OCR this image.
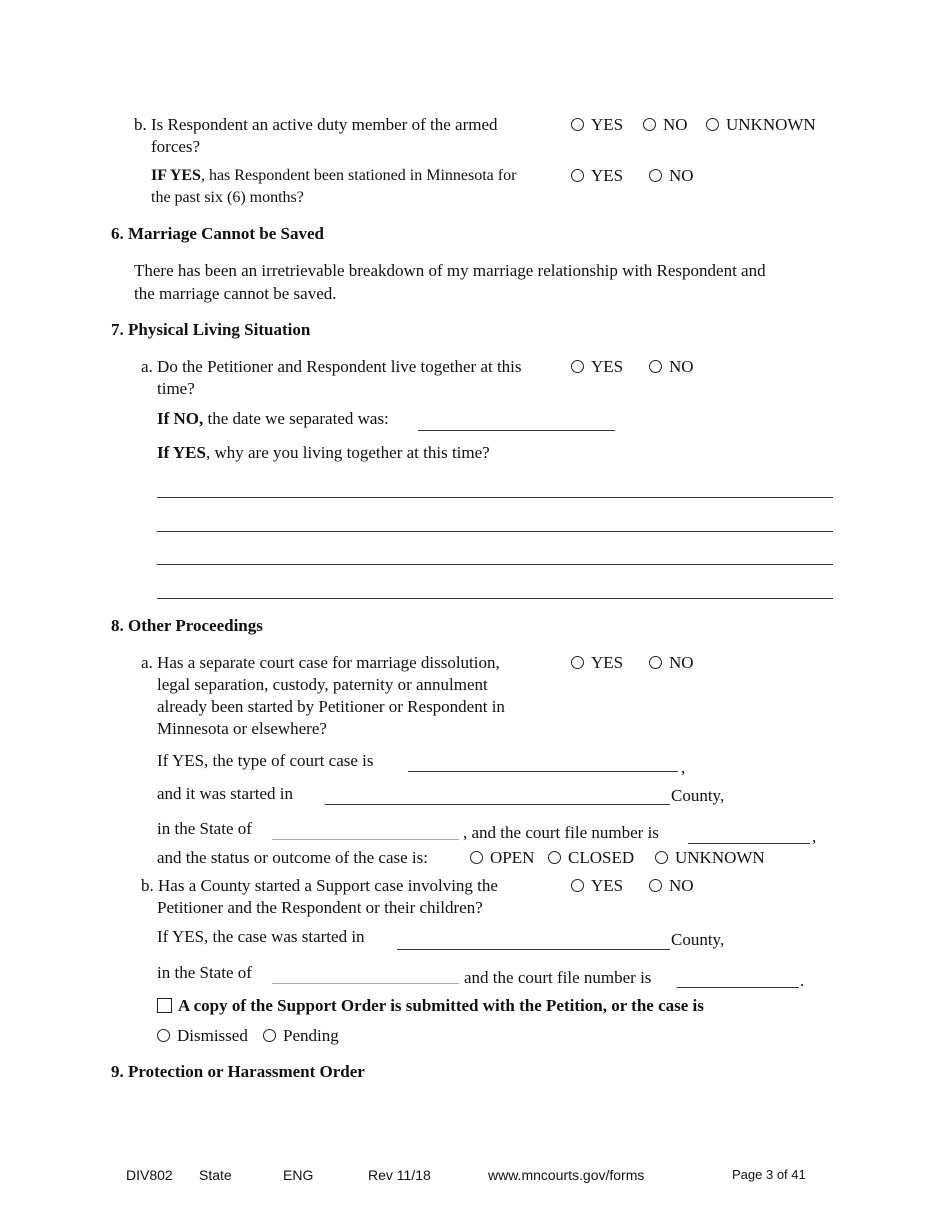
b. Is Respondent an active duty member of the armed
forces?
YES NO UNKNOWN
IF YES, has Respondent been stationed in Minnesota for
the past six (6) months?
YES	NO
6. Marriage Cannot be Saved
There has been an irretrievable breakdown of my marriage relationship with Respondent and
the marriage cannot be saved.
7. Physical Living Situation
a. Do the Petitioner and Respondent live together at this
time?
YES	NO
If NO, the date we separated was:
If YES, why are you living together at this time?
8. Other Proceedings
a. Has a separate court case for marriage dissolution,
legal separation, custody, paternity or annulment
already been started by Petitioner or Respondent in
Minnesota or elsewhere?
YES	NO
If YES, the type of court case is	,
and it was started in	County,
in the State of	, and the court file number is	,
and the status or outcome of the case is:	OPEN CLOSED UNKNOWN
b. Has a County started a Support case involving the
Petitioner and the Respondent or their children?
YES	NO
If YES, the case was started in	County,
in the State of	and the court file number is	.
A copy of the Support Order is submitted with the Petition, or the case is
Dismissed Pending
9. Protection or Harassment Order
DIV802 State	ENG	Rev 11/18	www.mncourts.gov/forms	Page 3 of 41
